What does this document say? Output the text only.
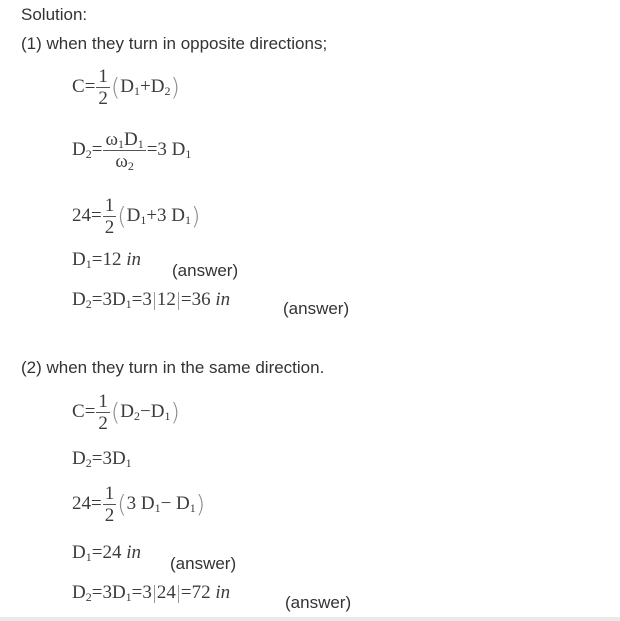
Solution:
(1) when they turn in opposite directions;
$C= \frac{1}{2} (D_1+D_2)$
$D_2= \frac{\omega_1D_1}{\omega_2} =3$ $D_1$
$24= \frac{1}{2} (D_1+3$ $D_1$)
$D_1=12$ in
(answer)
$D_2=3D_1=3$ 12 =36 in	(answer)
(2) when they turn in the same direction.
$C= \frac{1}{2} (D_2-D_1)$
$D_2=3D_1$
$24= \frac{1}{2} (3$ $D_1- D_1$)
$D_1=24$ in
(answer)
$D_2=3D_1=3$ 24 =72 in	(answer)
